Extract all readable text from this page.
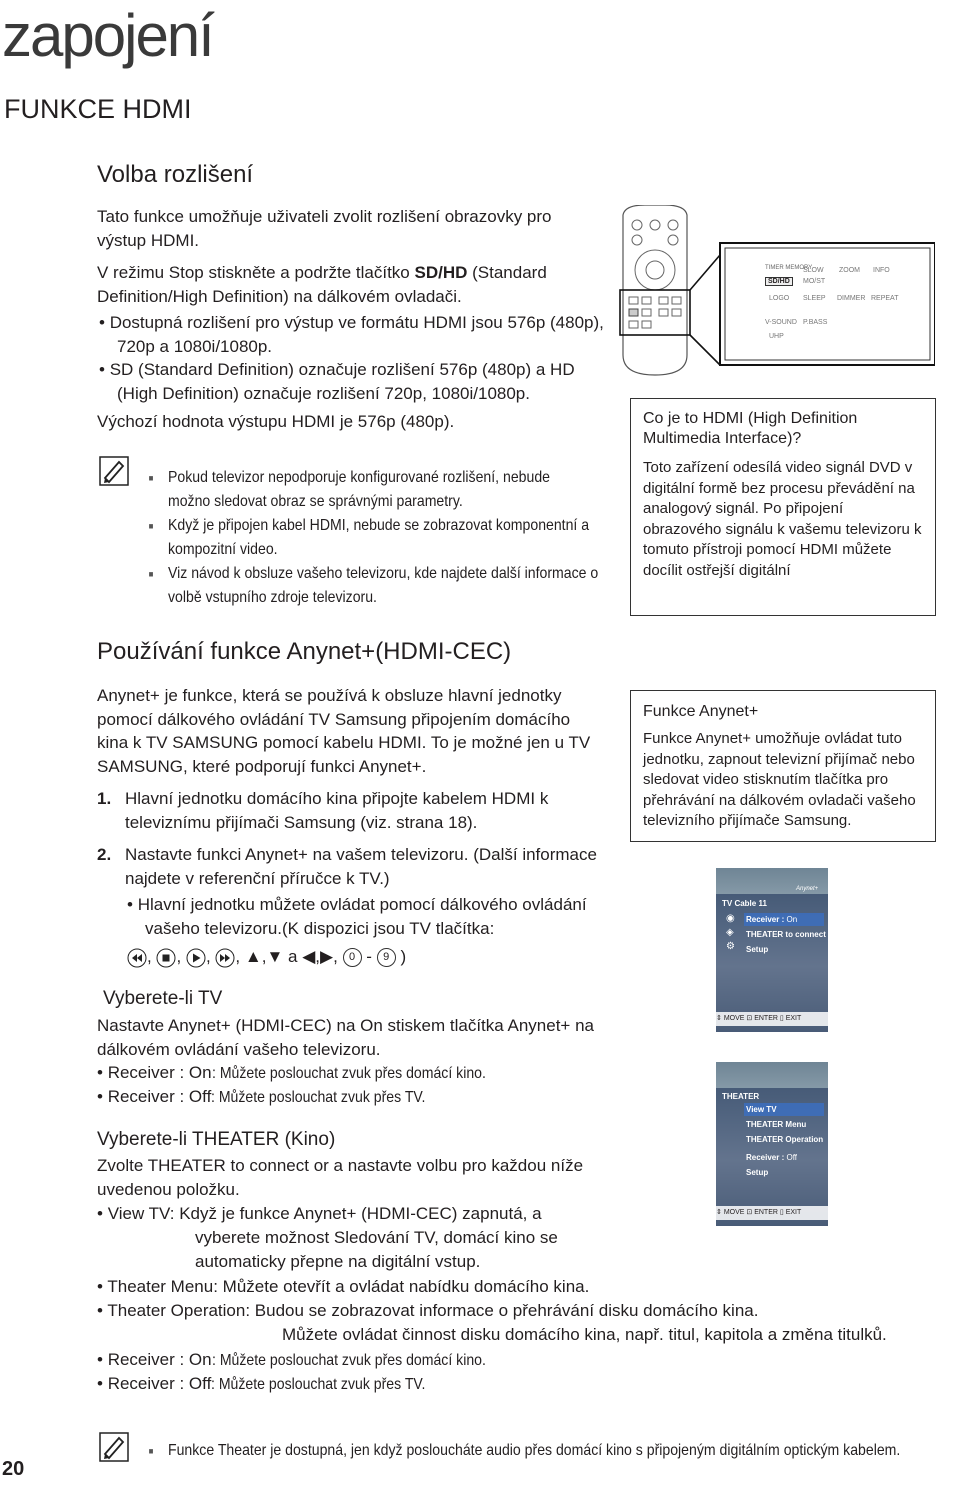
zapojení
FUNKCE HDMI
Volba rozlišení
Tato funkce umožňuje uživateli zvolit rozlišení obrazovky pro výstup HDMI.
V režimu Stop stiskněte a podržte tlačítko SD/HD (Standard Definition/High Definition) na dálkovém ovladači.
• Dostupná rozlišení pro výstup ve formátu HDMI jsou 576p (480p), 720p a 1080i/1080p.
• SD (Standard Definition) označuje rozlišení 576p (480p) a HD (High Definition) označuje rozlišení 720p, 1080i/1080p.
Výchozí hodnota výstupu HDMI je 576p (480p).
■ Pokud televizor nepodporuje konfigurované rozlišení, nebude možno sledovat obraz se správnými parametry.
■ Když je připojen kabel HDMI, nebude se zobrazovat komponentní a kompozitní video.
■ Viz návod k obsluze vašeho televizoru, kde najdete další informace o volbě vstupního zdroje televizoru.
TIMER MEMORY
SLOW ZOOM INFO
SD/HD	MO/ST
LOGO SLEEP DIMMER REPEAT
V-SOUND P.BASS
UHP
Co je to HDMI (High Definition Multimedia Interface)?
Toto zařízení odesílá video signál DVD v digitální formě bez procesu převádění na analogový signál. Po připojení obrazového signálu k vašemu televizoru k tomuto přístroji pomocí HDMI můžete docílit ostřejší digitální
Používání funkce Anynet+(HDMI-CEC)
Anynet+ je funkce, která se používá k obsluze hlavní jednotky pomocí dálkového ovládání TV Samsung připojením domácího kina k TV SAMSUNG pomocí kabelu HDMI. To je možné jen u TV SAMSUNG, které podporují funkci Anynet+.
1. Hlavní jednotku domácího kina připojte kabelem HDMI k televiznímu přijímači Samsung (viz. strana 18).
2. Nastavte funkci Anynet+ na vašem televizoru. (Další informace najdete v referenční příručce k TV.)
• Hlavní jednotku můžete ovládat pomocí dálkového ovládání vašeho televizoru.(K dispozici jsou TV tlačítka:
, , , , ▲,▼ a ◀,▶, 0 - 9 )
Funkce Anynet+
Funkce Anynet+ umožňuje ovládat tuto jednotku, zapnout televizní přijímač nebo sledovat video stisknutím tlačítka pro přehrávání na dálkovém ovladači vašeho televizního přijímače Samsung.
TV Cable 11
Anynet+
Receiver : On
THEATER to connect
Setup
◉
◈
⚙
⇕ MOVE ⊡ ENTER ▯ EXIT
THEATER
View TV
THEATER Menu
THEATER Operation
Receiver : Off
Setup
⇕ MOVE ⊡ ENTER ▯ EXIT
Vyberete-li TV
Nastavte Anynet+ (HDMI-CEC) na On stiskem tlačítka Anynet+ na dálkovém ovládání vašeho televizoru.
• Receiver : On: Můžete poslouchat zvuk přes domácí kino.
• Receiver : Off: Můžete poslouchat zvuk přes TV.
Vyberete-li THEATER (Kino)
Zvolte THEATER to connect or a nastavte volbu pro každou níže uvedenou položku.
• View TV: Když je funkce Anynet+ (HDMI-CEC) zapnutá, a
vyberete možnost Sledování TV, domácí kino se
automaticky přepne na digitální vstup.
• Theater Menu: Můžete otevřít a ovládat nabídku domácího kina.
• Theater Operation: Budou se zobrazovat informace o přehrávání disku domácího kina.
Můžete ovládat činnost disku domácího kina, např. titul, kapitola a změna titulků.
• Receiver : On: Můžete poslouchat zvuk přes domácí kino.
• Receiver : Off: Můžete poslouchat zvuk přes TV.
■ Funkce Theater je dostupná, jen když posloucháte audio přes domácí kino s připojeným digitálním optickým kabelem.
20
